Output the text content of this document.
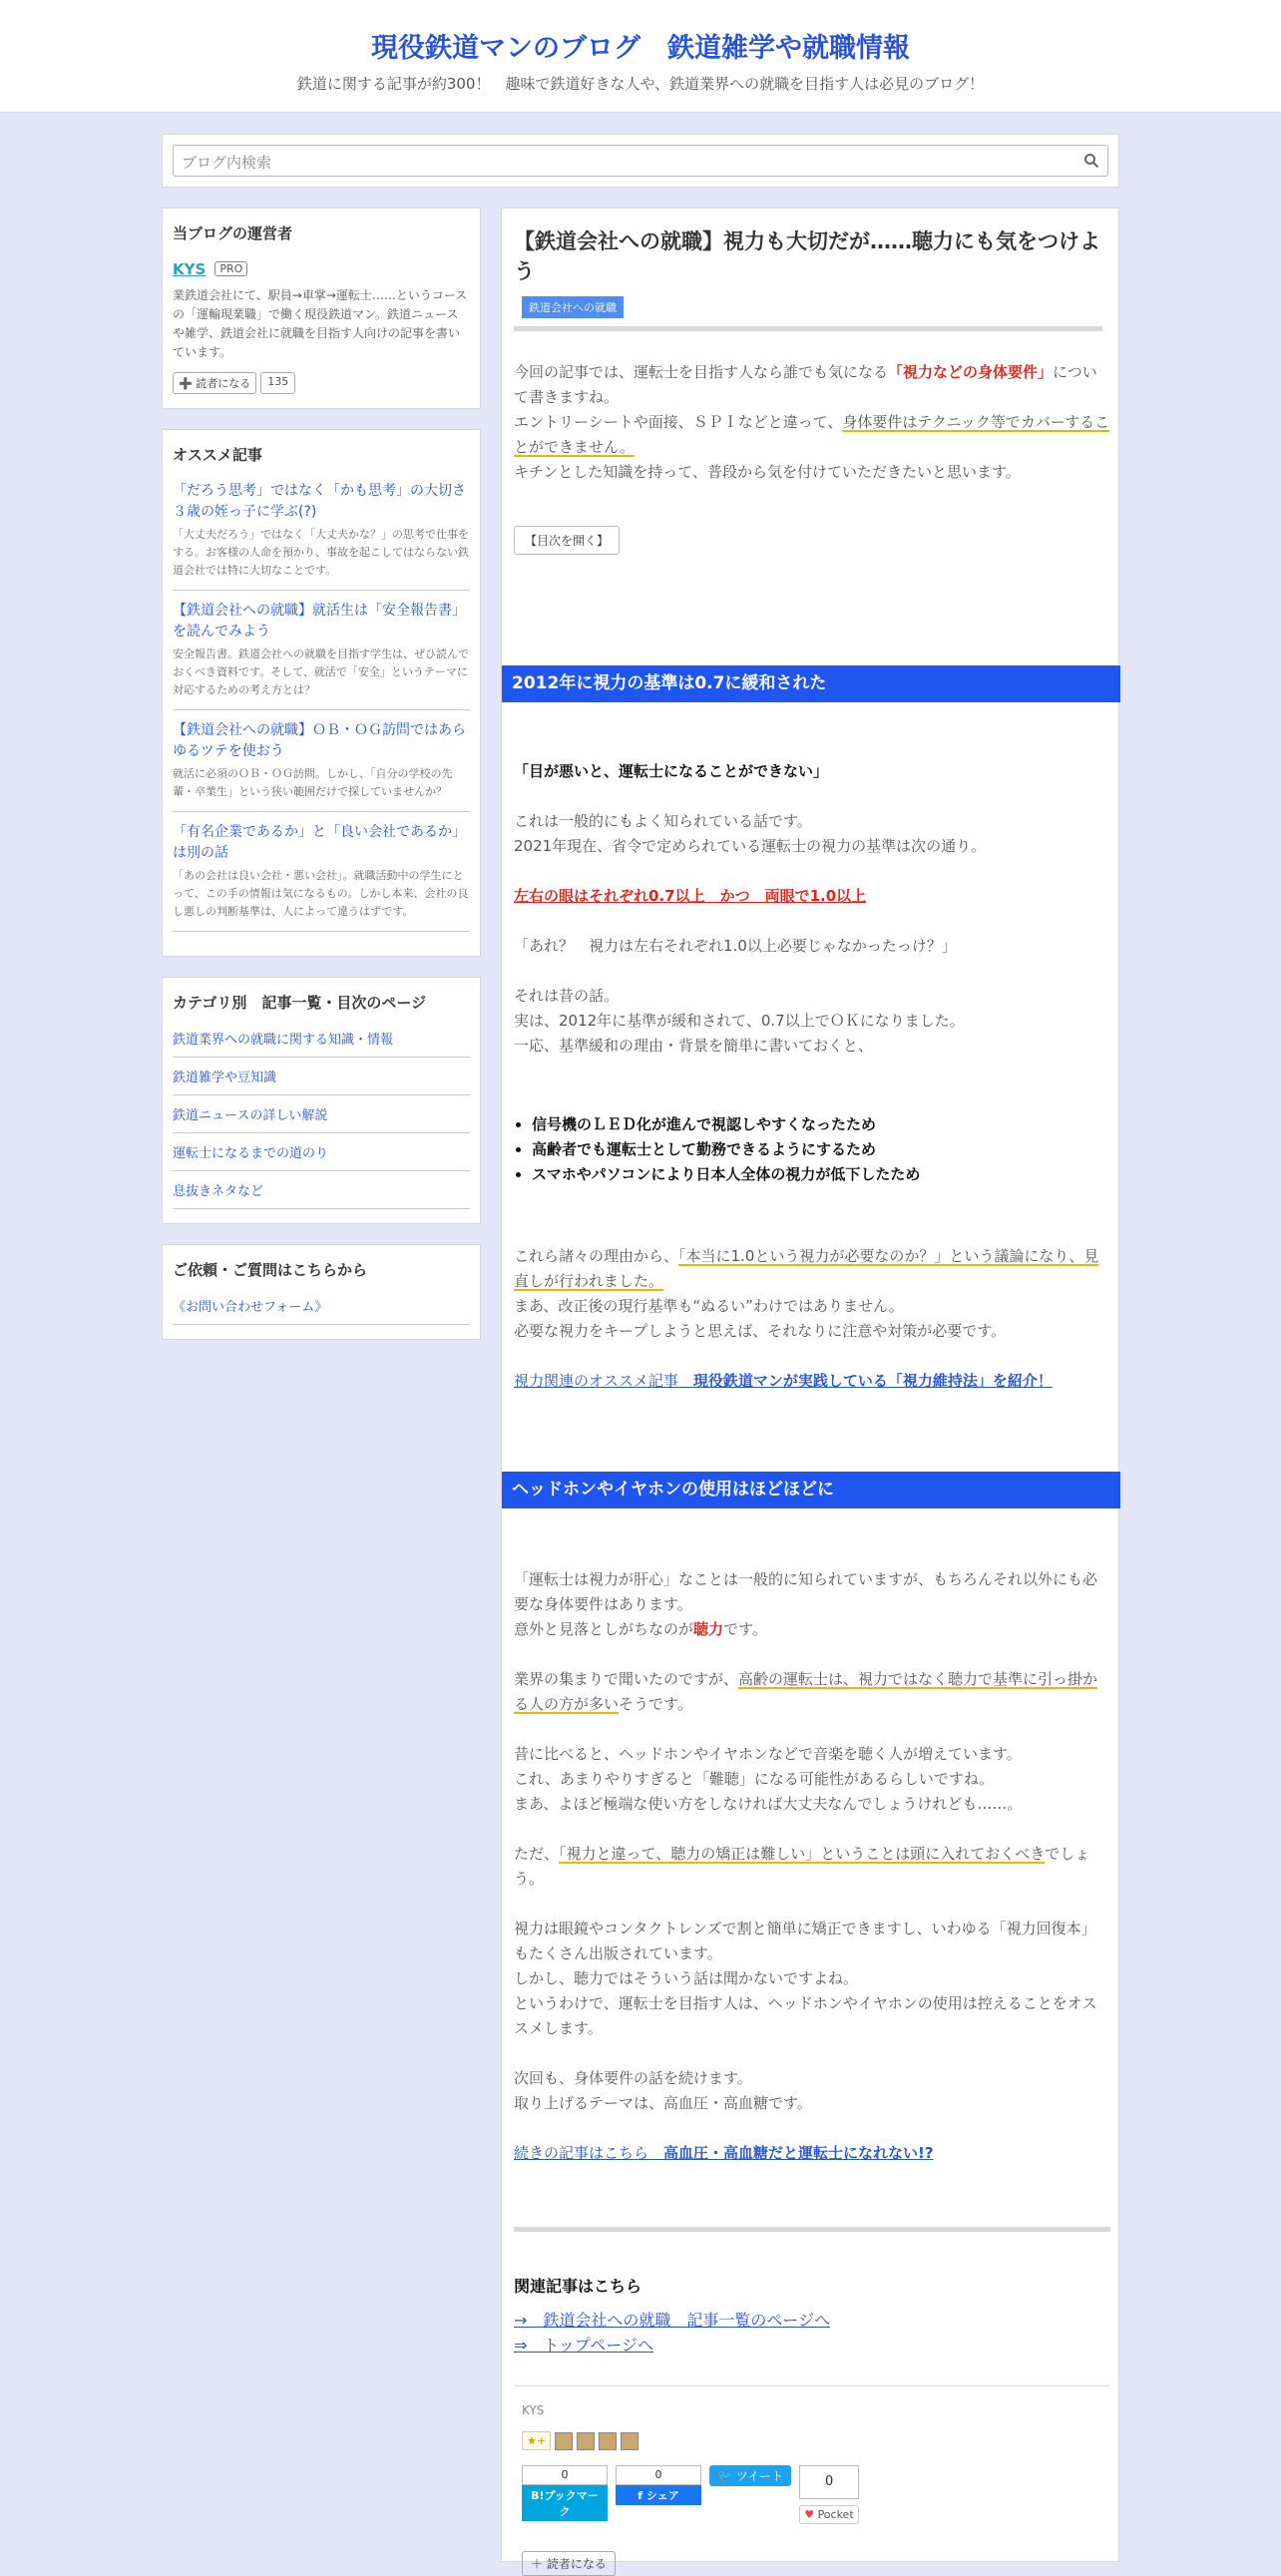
現役鉄道マンのブログ　鉄道雑学や就職情報
鉄道に関する記事が約300！　趣味で鉄道好きな人や、鉄道業界への就職を目指す人は必見のブログ！
ブログ内検索
当ブログの運営者
KYS PRO
業鉄道会社にて、駅員→車掌→運転士……というコースの「運輸現業職」で働く現役鉄道マン。鉄道ニュースや雑学、鉄道会社に就職を目指す人向けの記事を書いています。
➕ 読者になる	135
オススメ記事
「だろう思考」ではなく「かも思考」の大切さ　３歳の姪っ子に学ぶ(?)
「大丈夫だろう」ではなく「大丈夫かな？」の思考で仕事をする。お客様の人命を預かり、事故を起こしてはならない鉄道会社では特に大切なことです。
【鉄道会社への就職】就活生は「安全報告書」を読んでみよう
安全報告書。鉄道会社への就職を目指す学生は、ぜひ読んでおくべき資料です。そして、就活で「安全」というテーマに対応するための考え方とは？
【鉄道会社への就職】ＯＢ・ＯＧ訪問ではあらゆるツテを使おう
就活に必須のＯＢ・ＯＧ訪問。しかし、「自分の学校の先輩・卒業生」という狭い範囲だけで探していませんか？
「有名企業であるか」と「良い会社であるか」は別の話
「あの会社は良い会社・悪い会社」。就職活動中の学生にとって、この手の情報は気になるもの。しかし本来、会社の良し悪しの判断基準は、人によって違うはずです。
カテゴリ別　記事一覧・目次のページ
鉄道業界への就職に関する知識・情報
鉄道雑学や豆知識
鉄道ニュースの詳しい解説
運転士になるまでの道のり
息抜きネタなど
ご依頼・ご質問はこちらから
《お問い合わせフォーム》
【鉄道会社への就職】視力も大切だが……聴力にも気をつけよう
鉄道会社への就職
今回の記事では、運転士を目指す人なら誰でも気になる「視力などの身体要件」について書きますね。
エントリーシートや面接、ＳＰＩなどと違って、身体要件はテクニック等でカバーすることができません。
キチンとした知識を持って、普段から気を付けていただきたいと思います。
【目次を開く】
2012年に視力の基準は0.7に緩和された
「目が悪いと、運転士になることができない」
これは一般的にもよく知られている話です。
2021年現在、省令で定められている運転士の視力の基準は次の通り。
左右の眼はそれぞれ0.7以上　かつ　両眼で1.0以上
「あれ？　視力は左右それぞれ1.0以上必要じゃなかったっけ？」
それは昔の話。
実は、2012年に基準が緩和されて、0.7以上でＯＫになりました。
一応、基準緩和の理由・背景を簡単に書いておくと、
• 信号機のＬＥＤ化が進んで視認しやすくなったため
• 高齢者でも運転士として勤務できるようにするため
• スマホやパソコンにより日本人全体の視力が低下したため
これら諸々の理由から、「本当に1.0という視力が必要なのか？」という議論になり、見直しが行われました。
まあ、改正後の現行基準も“ぬるい”わけではありません。
必要な視力をキープしようと思えば、それなりに注意や対策が必要です。
視力関連のオススメ記事　現役鉄道マンが実践している「視力維持法」を紹介！
ヘッドホンやイヤホンの使用はほどほどに
「運転士は視力が肝心」なことは一般的に知られていますが、もちろんそれ以外にも必要な身体要件はあります。
意外と見落としがちなのが聴力です。
業界の集まりで聞いたのですが、高齢の運転士は、視力ではなく聴力で基準に引っ掛かる人の方が多いそうです。
昔に比べると、ヘッドホンやイヤホンなどで音楽を聴く人が増えています。
これ、あまりやりすぎると「難聴」になる可能性があるらしいですね。
まあ、よほど極端な使い方をしなければ大丈夫なんでしょうけれども……。
ただ、「視力と違って、聴力の矯正は難しい」ということは頭に入れておくべきでしょう。
視力は眼鏡やコンタクトレンズで割と簡単に矯正できますし、いわゆる「視力回復本」もたくさん出版されています。
しかし、聴力ではそういう話は聞かないですよね。
というわけで、運転士を目指す人は、ヘッドホンやイヤホンの使用は控えることをオススメします。
次回も、身体要件の話を続けます。
取り上げるテーマは、高血圧・高血糖です。
続きの記事はこちら　高血圧・高血糖だと運転士になれない!?
関連記事はこちら
→　鉄道会社への就職　記事一覧のページへ
⇒　トップページへ
KYS
★+
0
B!ブックマーク
0
f シェア
🐦 ツイート	0
♥ Pocket
＋ 読者になる
